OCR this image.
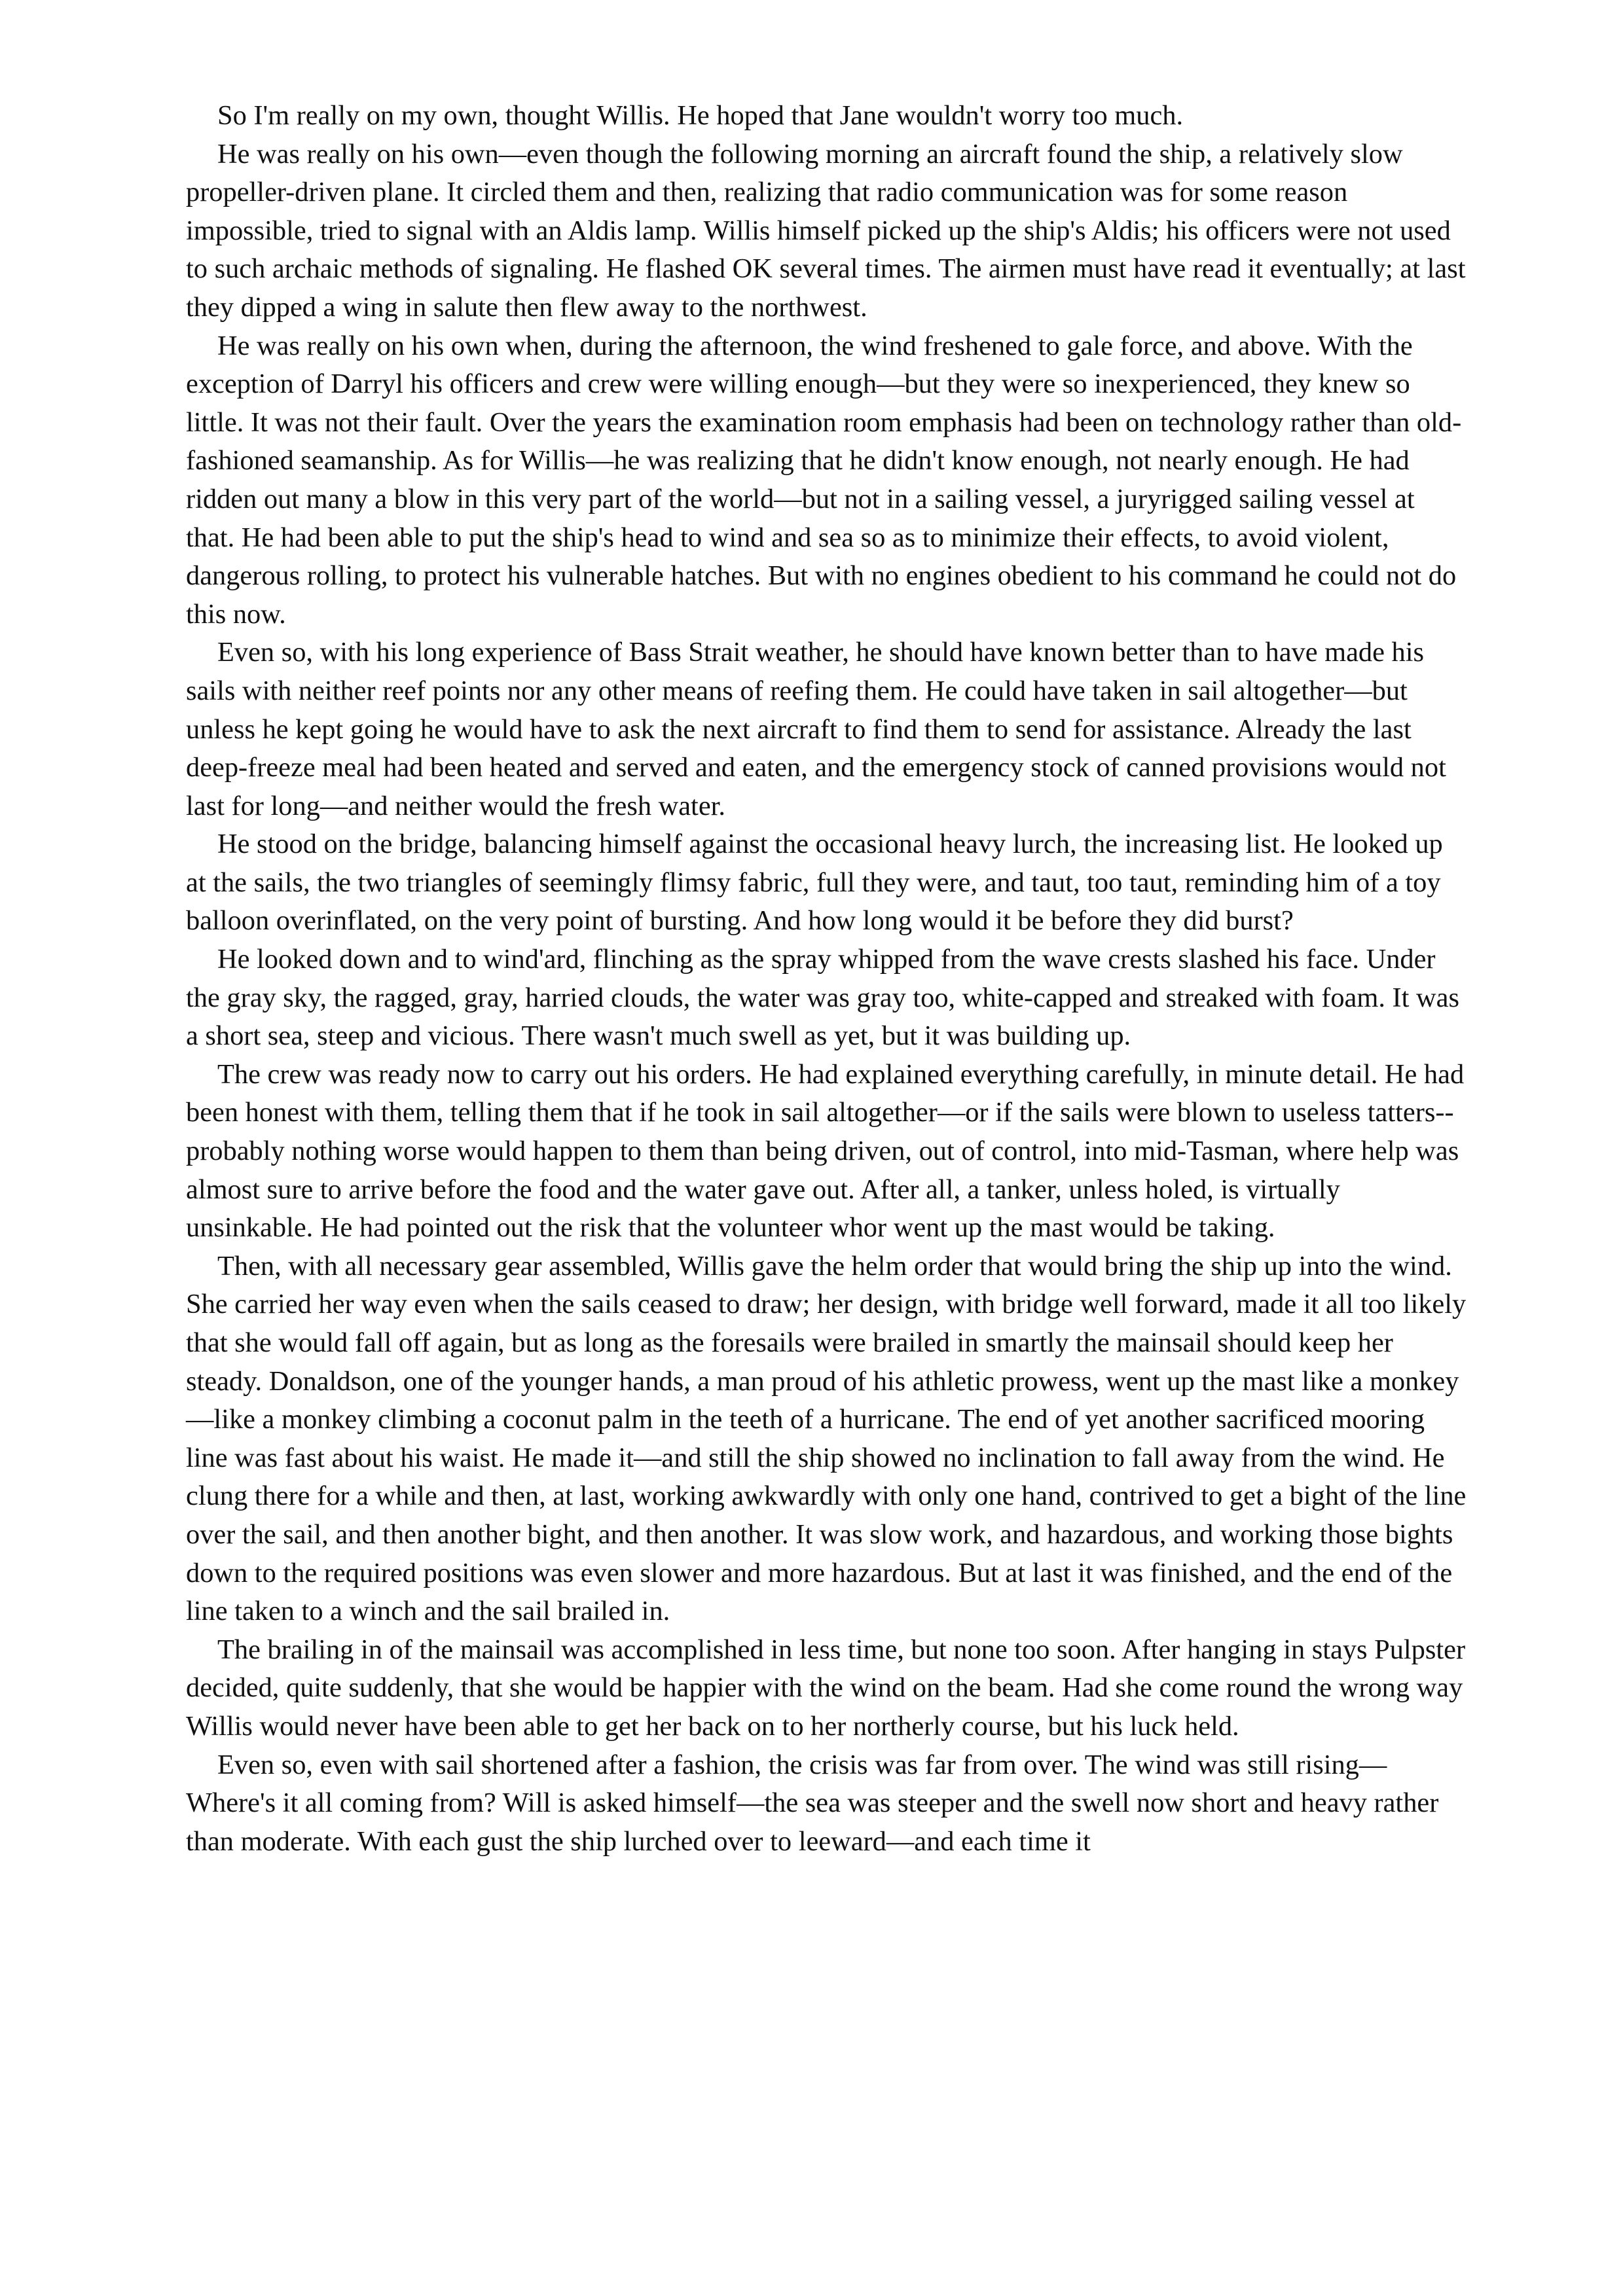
So I'm really on my own, thought Willis. He hoped that Jane wouldn't worry too much.

He was really on his own—even though the following morning an aircraft found the ship, a relatively slow propeller-driven plane. It circled them and then, realizing that radio communication was for some reason impossible, tried to signal with an Aldis lamp. Willis himself picked up the ship's Aldis; his officers were not used to such archaic methods of signaling. He flashed OK several times. The airmen must have read it eventually; at last they dipped a wing in salute then flew away to the northwest.

He was really on his own when, during the afternoon, the wind freshened to gale force, and above. With the exception of Darryl his officers and crew were willing enough—but they were so inexperienced, they knew so little. It was not their fault. Over the years the examination room emphasis had been on technology rather than old- fashioned seamanship. As for Willis—he was realizing that he didn't know enough, not nearly enough. He had ridden out many a blow in this very part of the world—but not in a sailing vessel, a juryrigged sailing vessel at that. He had been able to put the ship's head to wind and sea so as to minimize their effects, to avoid violent, dangerous rolling, to protect his vulnerable hatches. But with no engines obedient to his command he could not do this now.

Even so, with his long experience of Bass Strait weather, he should have known better than to have made his sails with neither reef points nor any other means of reefing them. He could have taken in sail altogether—but unless he kept going he would have to ask the next aircraft to find them to send for assistance. Already the last deep-freeze meal had been heated and served and eaten, and the emergency stock of canned provisions would not last for long—and neither would the fresh water.

He stood on the bridge, balancing himself against the occasional heavy lurch, the increasing list. He looked up at the sails, the two triangles of seemingly flimsy fabric, full they were, and taut, too taut, reminding him of a toy balloon overinflated, on the very point of bursting. And how long would it be before they did burst?

He looked down and to wind'ard, flinching as the spray whipped from the wave crests slashed his face. Under the gray sky, the ragged, gray, harried clouds, the water was gray too, white-capped and streaked with foam. It was a short sea, steep and vicious. There wasn't much swell as yet, but it was building up.

The crew was ready now to carry out his orders. He had explained everything carefully, in minute detail. He had been honest with them, telling them that if he took in sail altogether—or if the sails were blown to useless tatters--probably nothing worse would happen to them than being driven, out of control, into mid-Tasman, where help was almost sure to arrive before the food and the water gave out. After all, a tanker, unless holed, is virtually unsinkable. He had pointed out the risk that the volunteer whor went up the mast would be taking.

Then, with all necessary gear assembled, Willis gave the helm order that would bring the ship up into the wind. She carried her way even when the sails ceased to draw; her design, with bridge well forward, made it all too likely that she would fall off again, but as long as the foresails were brailed in smartly the mainsail should keep her steady. Donaldson, one of the younger hands, a man proud of his athletic prowess, went up the mast like a monkey—like a monkey climbing a coconut palm in the teeth of a hurricane. The end of yet another sacrificed mooring line was fast about his waist. He made it—and still the ship showed no inclination to fall away from the wind. He clung there for a while and then, at last, working awkwardly with only one hand, contrived to get a bight of the line over the sail, and then another bight, and then another. It was slow work, and hazardous, and working those bights down to the required positions was even slower and more hazardous. But at last it was finished, and the end of the line taken to a winch and the sail brailed in.

The brailing in of the mainsail was accomplished in less time, but none too soon. After hanging in stays Pulpster decided, quite suddenly, that she would be happier with the wind on the beam. Had she come round the wrong way Willis would never have been able to get her back on to her northerly course, but his luck held.

Even so, even with sail shortened after a fashion, the crisis was far from over. The wind was still rising—Where's it all coming from? Will is asked himself—the sea was steeper and the swell now short and heavy rather than moderate. With each gust the ship lurched over to leeward—and each time it
